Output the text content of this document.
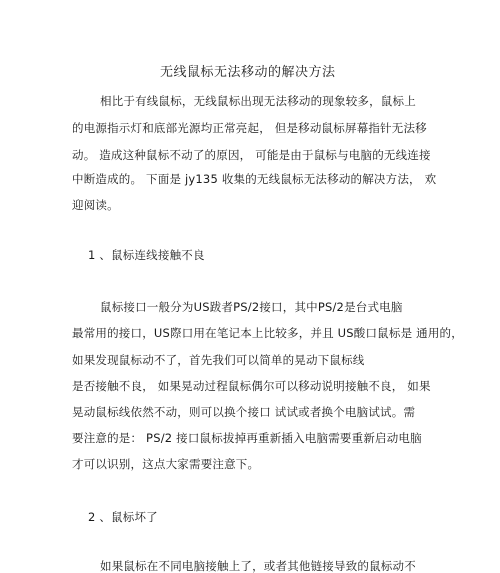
无线鼠标无法移动的解决方法
相比于有线鼠标，无线鼠标出现无法移动的现象较多，鼠标上
的电源指示灯和底部光源均正常亮起， 但是移动鼠标屏幕指针无法移
动。 造成这种鼠标不动了的原因， 可能是由于鼠标与电脑的无线连接
中断造成的。 下面是 jy135 收集的无线鼠标无法移动的解决方法， 欢
迎阅读。
1 、鼠标连线接触不良
鼠标接口一般分为US跋者PS/2接口，其中PS/2是台式电脑
最常用的接口，US際口用在笔记本上比较多，并且 US酸口鼠标是 通用的，
如果发现鼠标动不了，首先我们可以简单的晃动下鼠标线
是否接触不良， 如果晃动过程鼠标偶尔可以移动说明接触不良， 如果
晃动鼠标线依然不动，则可以换个接口 试试或者换个电脑试试。需
要注意的是： PS/2 接口鼠标拔掉再重新插入电脑需要重新启动电脑
才可以识别，这点大家需要注意下。
2 、鼠标坏了
如果鼠标在不同电脑接触上了，或者其他链接导致的鼠标动不
